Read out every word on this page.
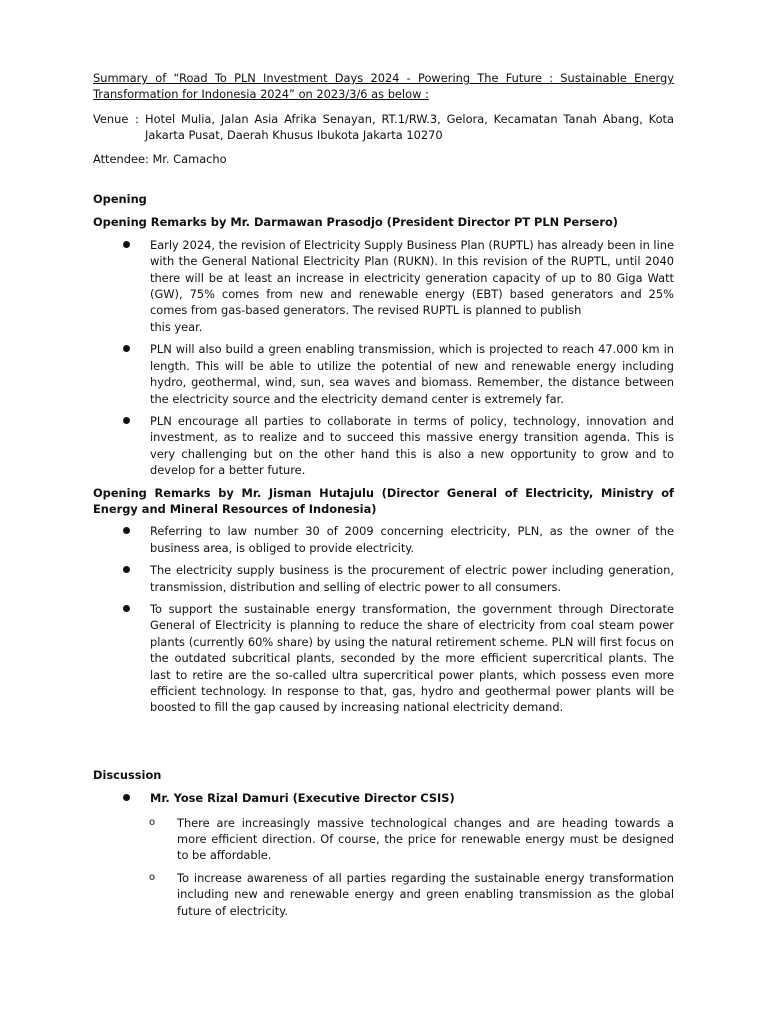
Summary of “Road To PLN Investment Days 2024 - Powering The Future : Sustainable Energy Transformation for Indonesia 2024” on 2023/3/6 as below :

Venue : Hotel Mulia, Jalan Asia Afrika Senayan, RT.1/RW.3, Gelora, Kecamatan Tanah Abang, Kota Jakarta Pusat, Daerah Khusus Ibukota Jakarta 10270

Attendee: Mr. Camacho

Opening
Opening Remarks by Mr. Darmawan Prasodjo (President Director PT PLN Persero)
Early 2024, the revision of Electricity Supply Business Plan (RUPTL) has already been in line with the General National Electricity Plan (RUKN). In this revision of the RUPTL, until 2040 there will be at least an increase in electricity generation capacity of up to 80 Giga Watt (GW), 75% comes from new and renewable energy (EBT) based generators and 25% comes from gas-based generators. The revised RUPTL is planned to publish
this year.
PLN will also build a green enabling transmission, which is projected to reach 47.000 km in length. This will be able to utilize the potential of new and renewable energy including hydro, geothermal, wind, sun, sea waves and biomass. Remember, the distance between the electricity source and the electricity demand center is extremely far.
PLN encourage all parties to collaborate in terms of policy, technology, innovation and investment, as to realize and to succeed this massive energy transition agenda. This is very challenging but on the other hand this is also a new opportunity to grow and to develop for a better future.
Opening Remarks by Mr. Jisman Hutajulu (Director General of Electricity, Ministry of Energy and Mineral Resources of Indonesia)
Referring to law number 30 of 2009 concerning electricity, PLN, as the owner of the business area, is obliged to provide electricity.
The electricity supply business is the procurement of electric power including generation, transmission, distribution and selling of electric power to all consumers.
To support the sustainable energy transformation, the government through Directorate General of Electricity is planning to reduce the share of electricity from coal steam power plants (currently 60% share) by using the natural retirement scheme. PLN will first focus on the outdated subcritical plants, seconded by the more efficient supercritical plants. The last to retire are the so-called ultra supercritical power plants, which possess even more efficient technology. In response to that, gas, hydro and geothermal power plants will be boosted to fill the gap caused by increasing national electricity demand.
Discussion
Mr. Yose Rizal Damuri (Executive Director CSIS)
o There are increasingly massive technological changes and are heading towards a more efficient direction. Of course, the price for renewable energy must be designed to be affordable.
o To increase awareness of all parties regarding the sustainable energy transformation including new and renewable energy and green enabling transmission as the global future of electricity.
